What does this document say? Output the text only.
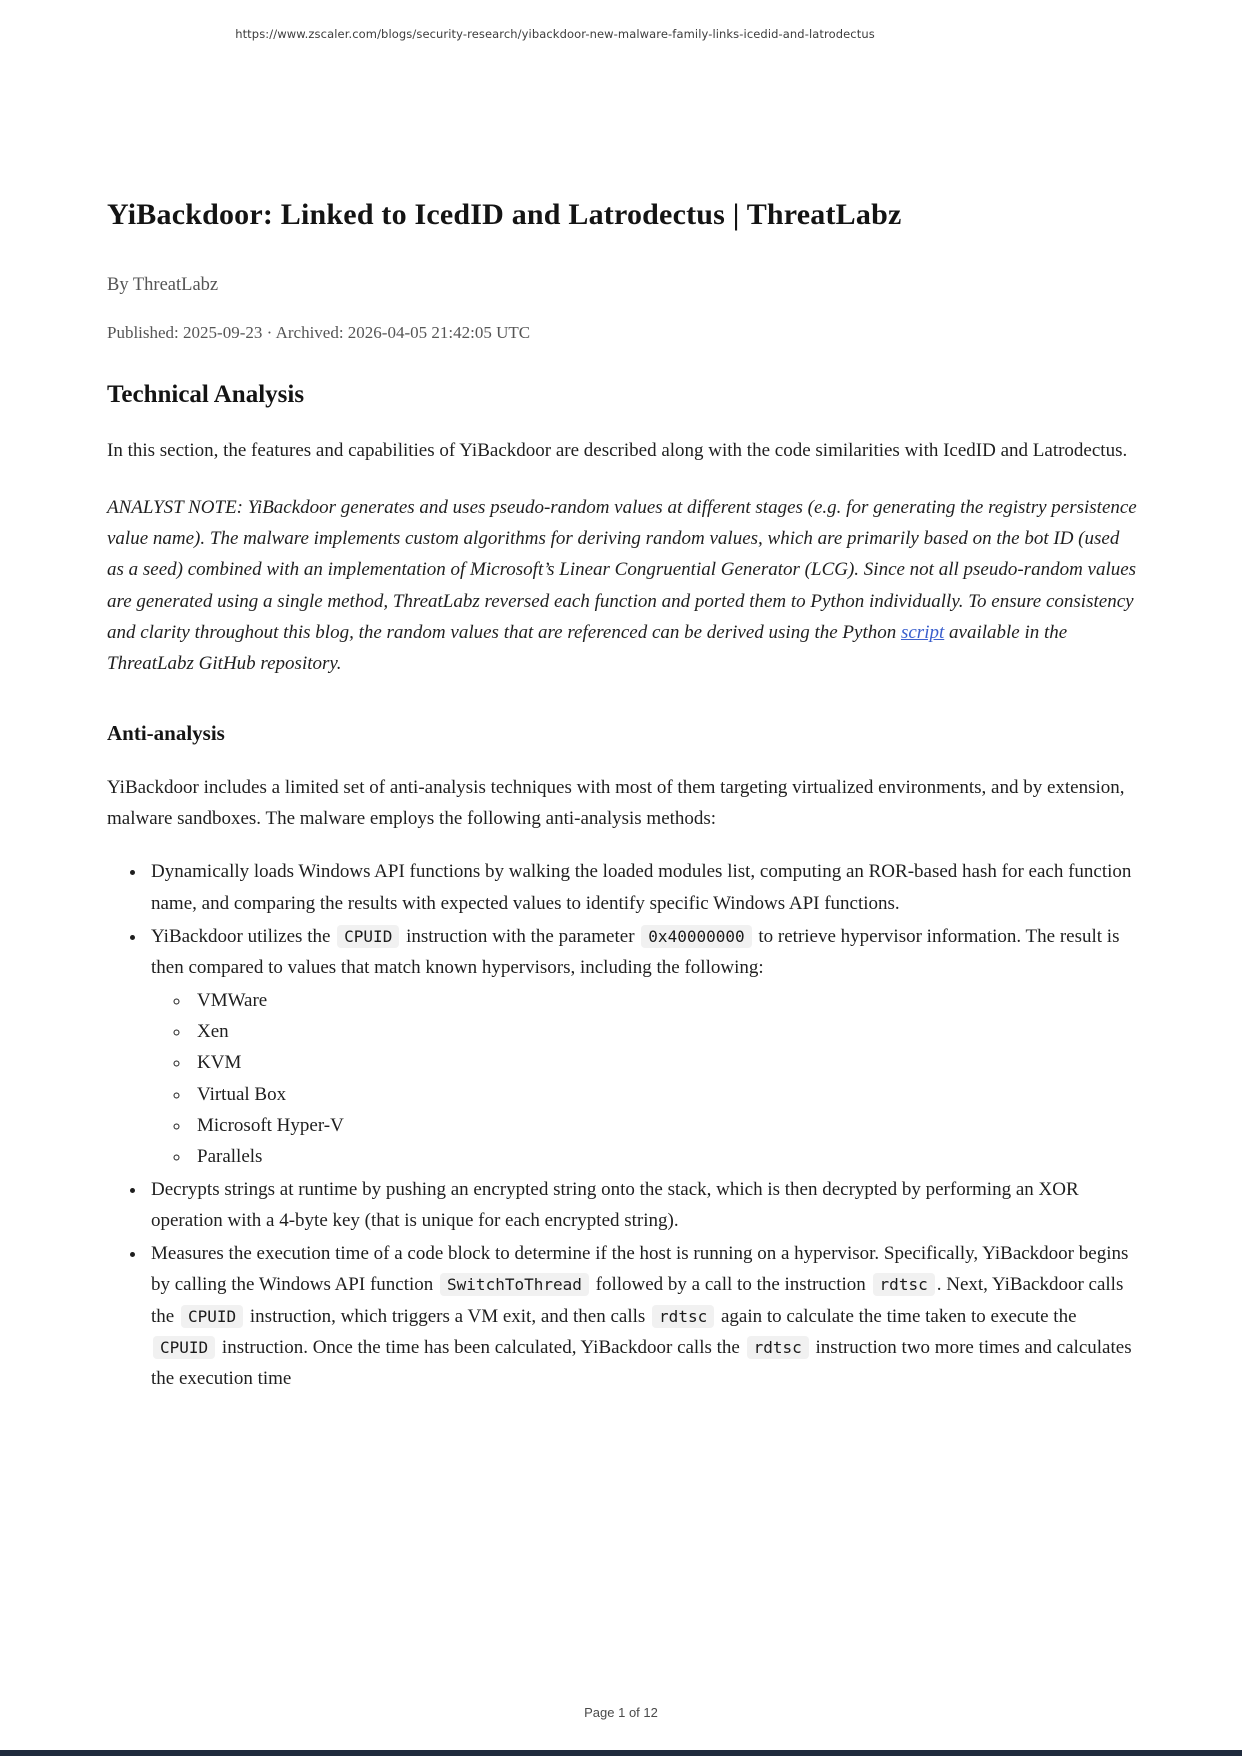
https://www.zscaler.com/blogs/security-research/yibackdoor-new-malware-family-links-icedid-and-latrodectus
YiBackdoor: Linked to IcedID and Latrodectus | ThreatLabz

By ThreatLabz

Published: 2025-09-23 · Archived: 2026-04-05 21:42:05 UTC

Technical Analysis

In this section, the features and capabilities of YiBackdoor are described along with the code similarities with IcedID and Latrodectus.

ANALYST NOTE: YiBackdoor generates and uses pseudo-random values at different stages (e.g. for generating the registry persistence value name). The malware implements custom algorithms for deriving random values, which are primarily based on the bot ID (used as a seed) combined with an implementation of Microsoft’s Linear Congruential Generator (LCG). Since not all pseudo-random values are generated using a single method, ThreatLabz reversed each function and ported them to Python individually. To ensure consistency and clarity throughout this blog, the random values that are referenced can be derived using the Python script available in the ThreatLabz GitHub repository.

Anti-analysis

YiBackdoor includes a limited set of anti-analysis techniques with most of them targeting virtualized environments, and by extension, malware sandboxes. The malware employs the following anti-analysis methods:

• Dynamically loads Windows API functions by walking the loaded modules list, computing an ROR-based hash for each function name, and comparing the results with expected values to identify specific Windows API functions.
• YiBackdoor utilizes the CPUID instruction with the parameter 0x40000000 to retrieve hypervisor information. The result is then compared to values that match known hypervisors, including the following:
◦ VMWare
◦ Xen
◦ KVM
◦ Virtual Box
◦ Microsoft Hyper-V
◦ Parallels
• Decrypts strings at runtime by pushing an encrypted string onto the stack, which is then decrypted by performing an XOR operation with a 4-byte key (that is unique for each encrypted string).
• Measures the execution time of a code block to determine if the host is running on a hypervisor. Specifically, YiBackdoor begins by calling the Windows API function SwitchToThread followed by a call to the instruction rdtsc . Next, YiBackdoor calls the CPUID instruction, which triggers a VM exit, and then calls rdtsc again to calculate the time taken to execute the CPUID instruction. Once the time has been calculated, YiBackdoor calls the rdtsc instruction two more times and calculates the execution time
Page 1 of 12
